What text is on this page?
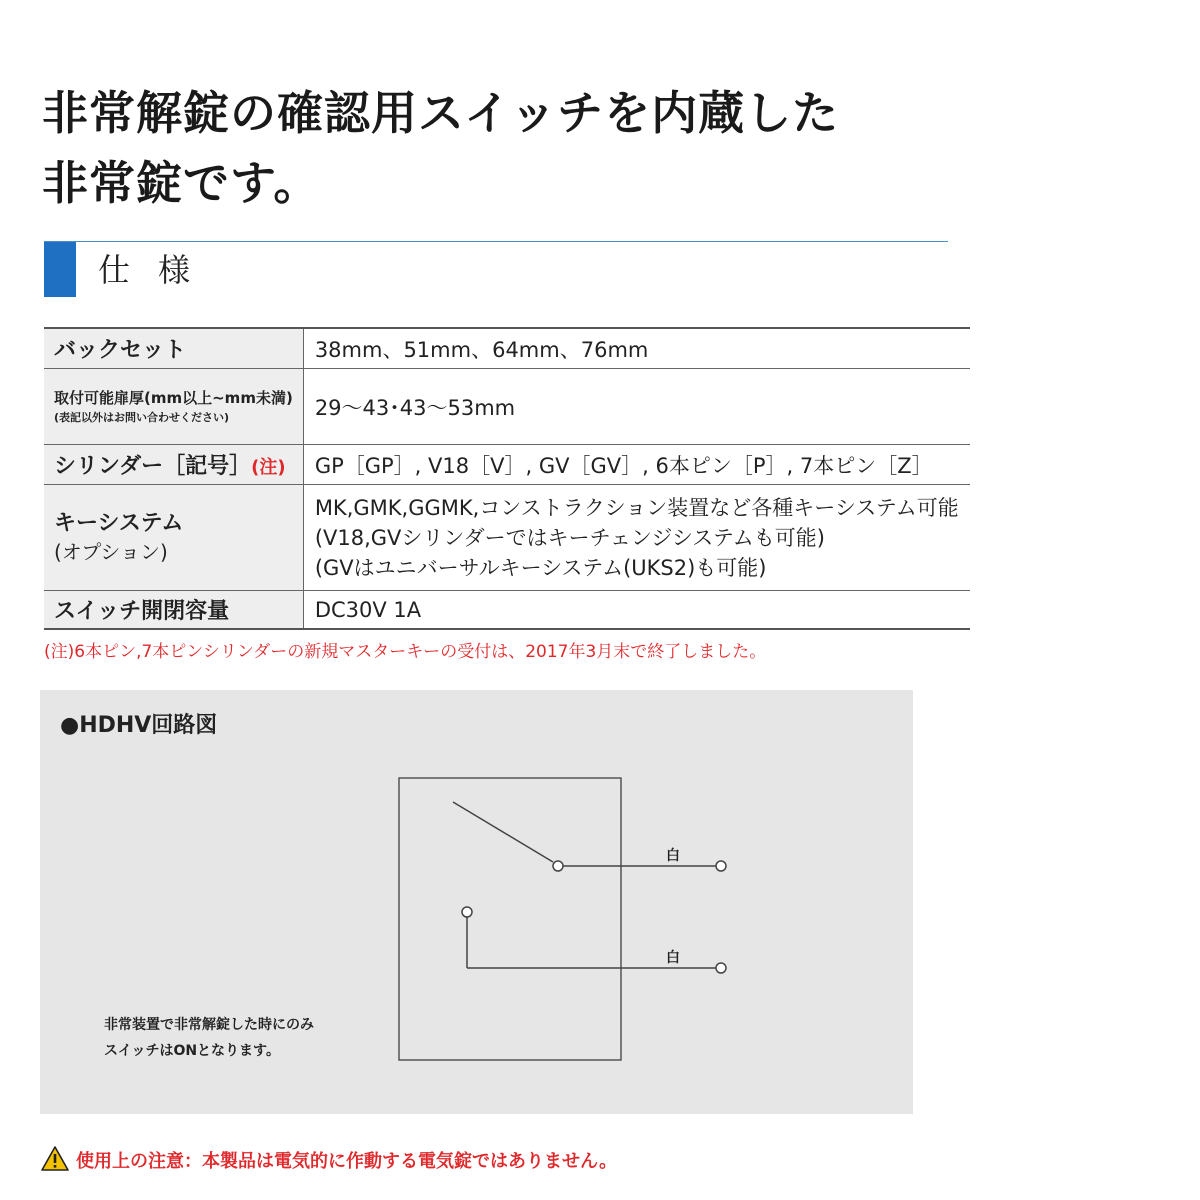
非常解錠の確認用スイッチを内蔵した
非常錠です。
仕様
バックセット	38mm、51mm、64mm、76mm

取付可能扉厚(mm以上~mm未満)
(表記以外はお問い合わせください)	29～43･43～53mm
シリンダー［記号］(注)	GP［GP］, V18［V］, GV［GV］, 6本ピン［P］, 7本ピン［Z］

キーシステム
(オプション)	MK,GMK,GGMK,コンストラクション装置など各種キーシステム可能
(V18,GVシリンダーではキーチェンジシステムも可能)
(GVはユニバーサルキーシステム(UKS2)も可能)

スイッチ開閉容量	DC30V 1A
(注)6本ピン,7本ピンシリンダーの新規マスターキーの受付は、2017年3月末で終了しました。
●HDHV回路図
白
白
非常装置で非常解錠した時にのみ
スイッチはONとなります。
使用上の注意：本製品は電気的に作動する電気錠ではありません。
